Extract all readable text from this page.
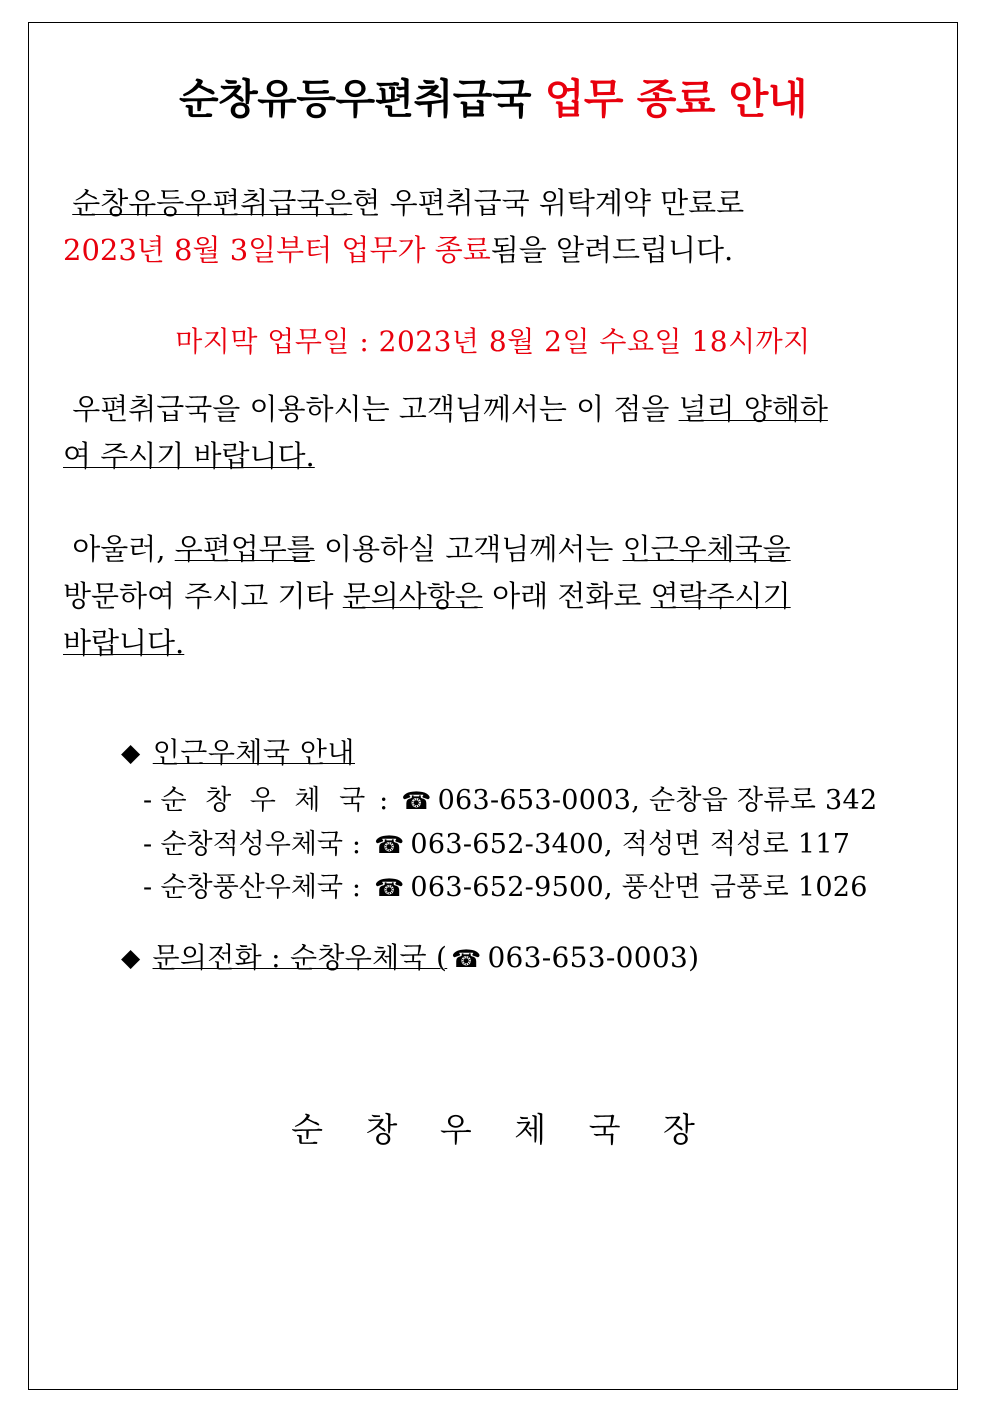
순창유등우편취급국 업무 종료 안내
순창유등우편취급국은현 우편취급국 위탁계약 만료로
2023년 8월 3일부터 업무가 종료됨을 알려드립니다.
마지막 업무일 : 2023년 8월 2일 수요일 18시까지
우편취급국을 이용하시는 고객님께서는 이 점을 널리 양해하
여 주시기 바랍니다.
아울러, 우편업무를 이용하실 고객님께서는 인근우체국을
방문하여 주시고 기타 문의사항은 아래 전화로 연락주시기
바랍니다.
◆ 인근우체국 안내
- 순 창 우 체 국 : ☎ 063-653-0003, 순창읍 장류로 342
- 순창적성우체국 : ☎ 063-652-3400, 적성면 적성로 117
- 순창풍산우체국 : ☎ 063-652-9500, 풍산면 금풍로 1026
◆ 문의전화 : 순창우체국 ( ☎ 063-653-0003)
순 창 우 체 국 장
